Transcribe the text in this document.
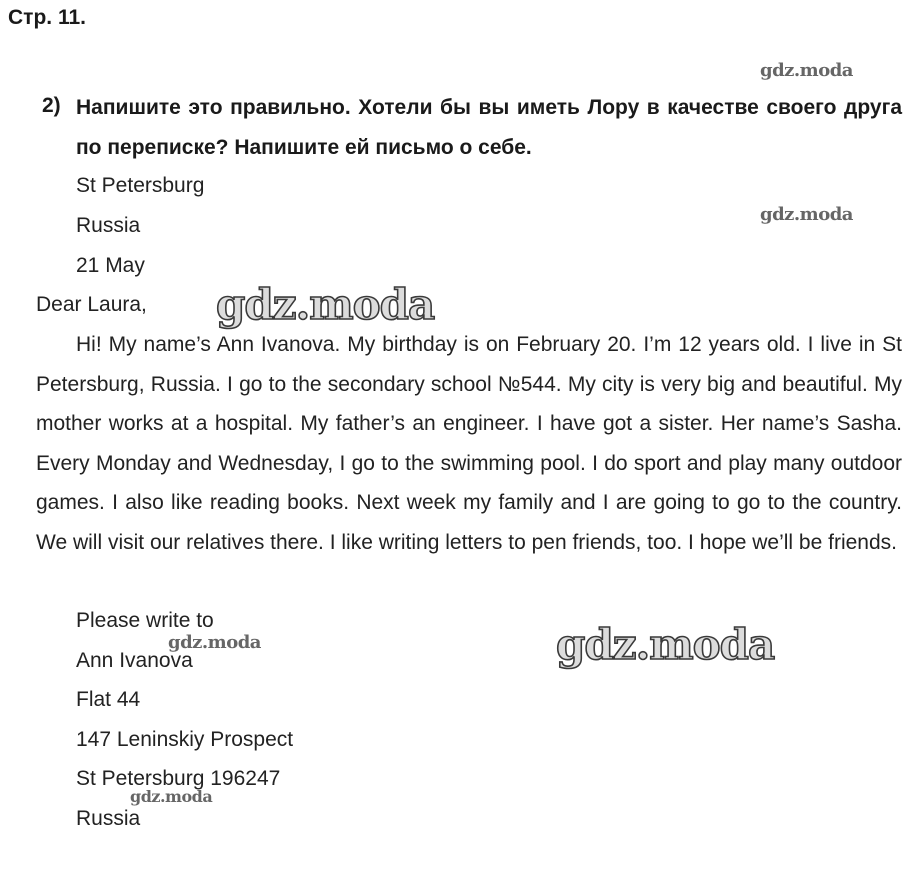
Стр. 11.
2) Напишите это правильно. Хотели бы вы иметь Лору в качестве своего друга по переписке? Напишите ей письмо о себе.
St Petersburg
Russia
21 May
Dear Laura,
Hi! My name’s Ann Ivanova. My birthday is on February 20. I’m 12 years old. I live in St Petersburg, Russia. I go to the secondary school №544. My city is very big and beautiful. My mother works at a hospital. My father’s an engineer. I have got a sister. Her name’s Sasha. Every Monday and Wednesday, I go to the swimming pool. I do sport and play many outdoor games. I also like reading books. Next week my family and I are going to go to the country. We will visit our relatives there. I like writing letters to pen friends, too. I hope we’ll be friends.
Please write to
Ann Ivanova
Flat 44
147 Leninskiy Prospect
St Petersburg 196247
Russia
gdz.moda
gdz.moda
gdz.moda
gdz.moda
gdz.moda
gdz.moda
